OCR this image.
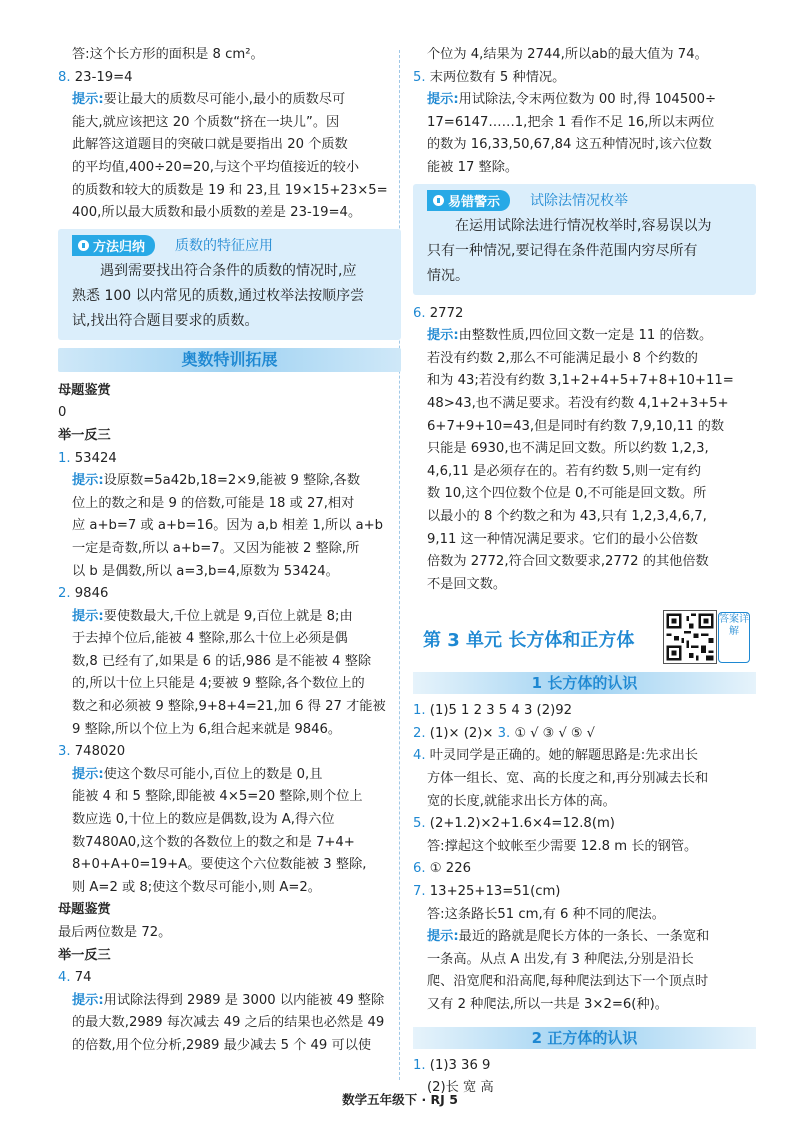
答:这个长方形的面积是 8 cm²。

8. 23-19=4

提示:要让最大的质数尽可能小,最小的质数尽可

能大,就应该把这 20 个质数“挤在一块儿”。因

此解答这道题目的突破口就是要指出 20 个质数

的平均值,400÷20=20,与这个平均值接近的较小

的质数和较大的质数是 19 和 23,且 19×15+23×5=

400,所以最大质数和最小质数的差是 23-19=4。

方法归纳 质数的特征应用

遇到需要找出符合条件的质数的情况时,应

熟悉 100 以内常见的质数,通过枚举法按顺序尝

试,找出符合题目要求的质数。

奥数特训拓展

母题鉴赏

0

举一反三

1. 53424

提示:设原数=5a42b,18=2×9,能被 9 整除,各数

位上的数之和是 9 的倍数,可能是 18 或 27,相对

应 a+b=7 或 a+b=16。因为 a,b 相差 1,所以 a+b

一定是奇数,所以 a+b=7。又因为能被 2 整除,所

以 b 是偶数,所以 a=3,b=4,原数为 53424。

2. 9846

提示:要使数最大,千位上就是 9,百位上就是 8;由

于去掉个位后,能被 4 整除,那么十位上必须是偶

数,8 已经有了,如果是 6 的话,986 是不能被 4 整除

的,所以十位上只能是 4;要被 9 整除,各个数位上的

数之和必须被 9 整除,9+8+4=21,加 6 得 27 才能被

9 整除,所以个位上为 6,组合起来就是 9846。

3. 748020

提示:使这个数尽可能小,百位上的数是 0,且

能被 4 和 5 整除,即能被 4×5=20 整除,则个位上

数应选 0,十位上的数应是偶数,设为 A,得六位

数7480A0,这个数的各数位上的数之和是 7+4+

8+0+A+0=19+A。要使这个六位数能被 3 整除,

则 A=2 或 8;使这个数尽可能小,则 A=2。

母题鉴赏

最后两位数是 72。

举一反三

4. 74

提示:用试除法得到 2989 是 3000 以内能被 49 整除

的最大数,2989 每次减去 49 之后的结果也必然是 49

的倍数,用个位分析,2989 最少减去 5 个 49 可以使

个位为 4,结果为 2744,所以ab的最大值为 74。

5. 末两位数有 5 种情况。

提示:用试除法,令末两位数为 00 时,得 104500÷

17=6147……1,把余 1 看作不足 16,所以末两位

的数为 16,33,50,67,84 这五种情况时,该六位数

能被 17 整除。

易错警示 试除法情况枚举

在运用试除法进行情况枚举时,容易误以为

只有一种情况,要记得在条件范围内穷尽所有

情况。

6. 2772

提示:由整数性质,四位回文数一定是 11 的倍数。

若没有约数 2,那么不可能满足最小 8 个约数的

和为 43;若没有约数 3,1+2+4+5+7+8+10+11=

48>43,也不满足要求。若没有约数 4,1+2+3+5+

6+7+9+10=43,但是同时有约数 7,9,10,11 的数

只能是 6930,也不满足回文数。所以约数 1,2,3,

4,6,11 是必须存在的。若有约数 5,则一定有约

数 10,这个四位数个位是 0,不可能是回文数。所

以最小的 8 个约数之和为 43,只有 1,2,3,4,6,7,

9,11 这一种情况满足要求。它们的最小公倍数

倍数为 2772,符合回文数要求,2772 的其他倍数

不是回文数。

第 3 单元 长方体和正方体
答案详解
1 长方体的认识

1. (1)5 1 2 3 5 4 3 (2)92

2. (1)× (2)× 3. ① √ ③ √ ⑤ √

4. 叶灵同学是正确的。她的解题思路是:先求出长

方体一组长、宽、高的长度之和,再分别减去长和

宽的长度,就能求出长方体的高。

5. (2+1.2)×2+1.6×4=12.8(m)

答:撑起这个蚊帐至少需要 12.8 m 长的钢管。

6. ① 226

7. 13+25+13=51(cm)

答:这条路长51 cm,有 6 种不同的爬法。

提示:最近的路就是爬长方体的一条长、一条宽和

一条高。从点 A 出发,有 3 种爬法,分别是沿长

爬、沿宽爬和沿高爬,每种爬法到达下一个顶点时

又有 2 种爬法,所以一共是 3×2=6(种)。

2 正方体的认识

1. (1)3 36 9

(2)长 宽 高

数学五年级下 · RJ 5
